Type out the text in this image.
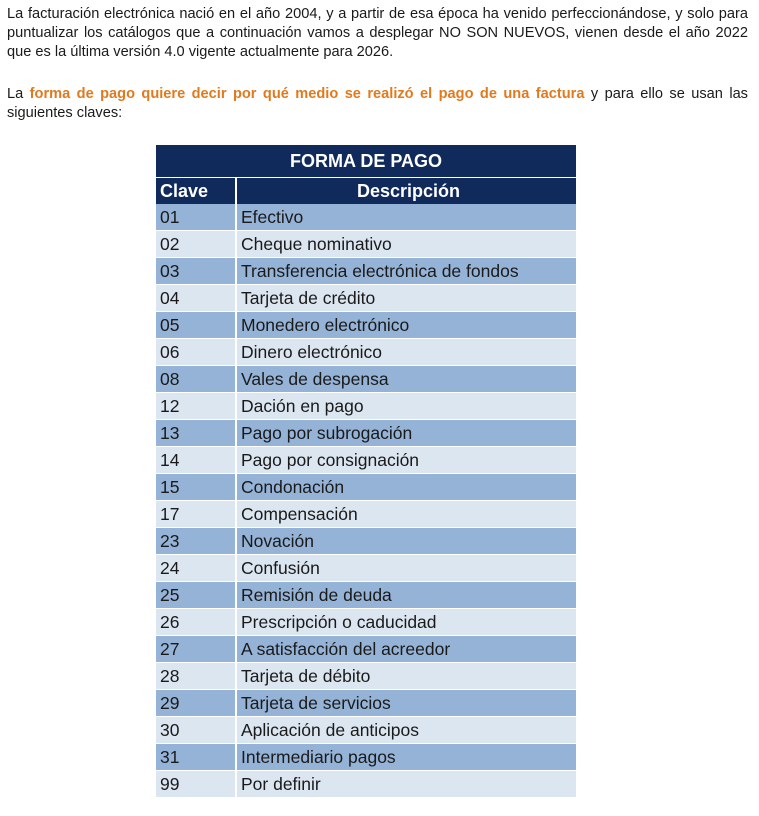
La facturación electrónica nació en el año 2004, y a partir de esa época ha venido perfeccionándose, y solo para puntualizar los catálogos que a continuación vamos a desplegar NO SON NUEVOS, vienen desde el año 2022 que es la última versión 4.0 vigente actualmente para 2026.

La forma de pago quiere decir por qué medio se realizó el pago de una factura y para ello se usan las siguientes claves:

FORMA DE PAGO	
Clave	Descripción
01	Efectivo
02	Cheque nominativo
03	Transferencia electrónica de fondos
04	Tarjeta de crédito
05	Monedero electrónico
06	Dinero electrónico
08	Vales de despensa
12	Dación en pago
13	Pago por subrogación
14	Pago por consignación
15	Condonación
17	Compensación
23	Novación
24	Confusión
25	Remisión de deuda
26	Prescripción o caducidad
27	A satisfacción del acreedor
28	Tarjeta de débito
29	Tarjeta de servicios
30	Aplicación de anticipos
31	Intermediario pagos
99	Por definir
